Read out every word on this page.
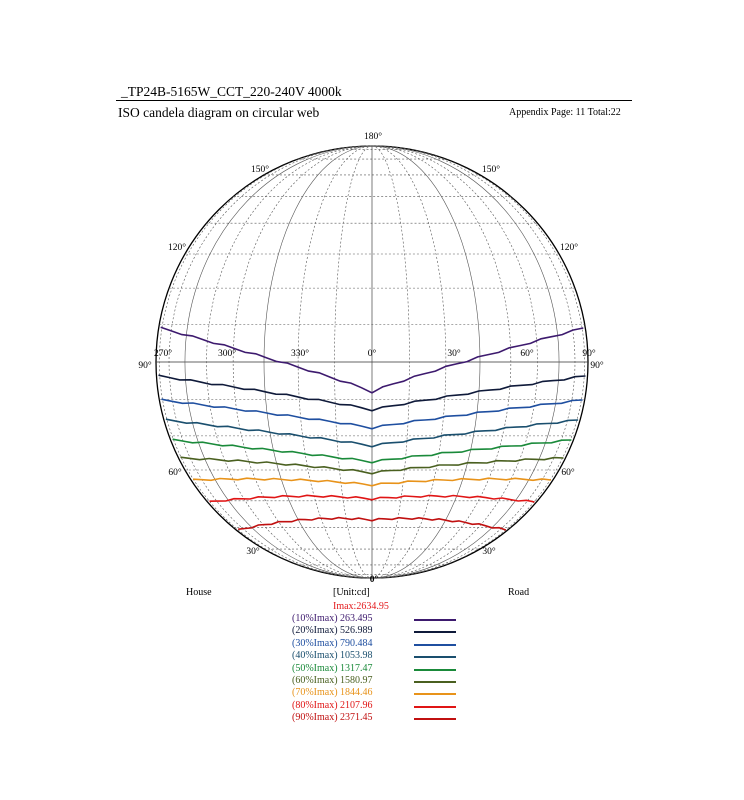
_TP24B-5165W_CCT_220-240V 4000k
ISO candela diagram on circular web	Appendix Page: 11 Total:22
180°
0°
150°	150°
120°	120°
90°	90°
60°	60°
30°	30°
270°	300°	330°	0°	30°	60°	90°
House	[Unit:cd]	Road
Imax:2634.95
(10%Imax) 263.495
(20%Imax) 526.989
(30%Imax) 790.484
(40%Imax) 1053.98
(50%Imax) 1317.47
(60%Imax) 1580.97
(70%Imax) 1844.46
(80%Imax) 2107.96
(90%Imax) 2371.45
